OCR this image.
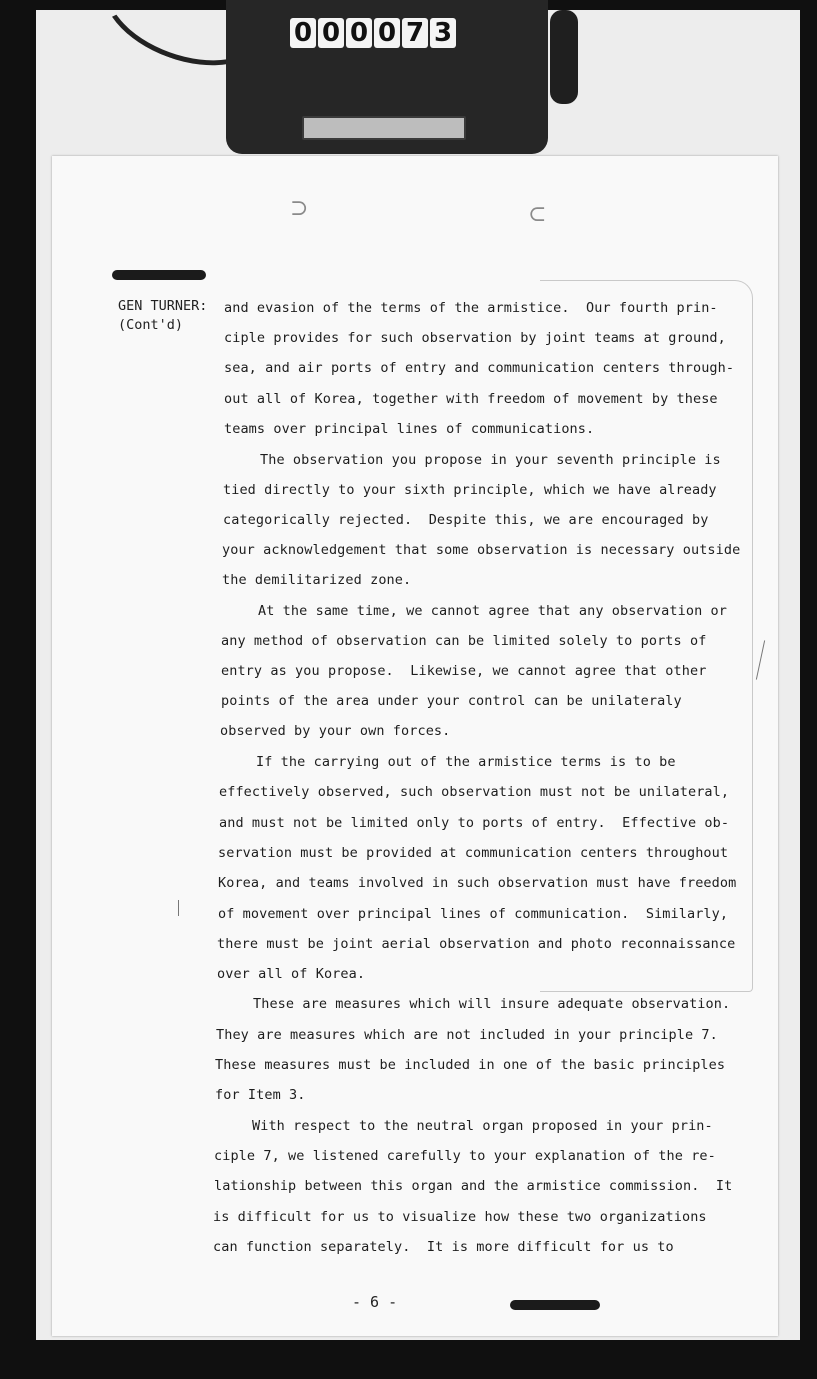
0 0 0 0 7 3
⊃	⊂
GEN TURNER:
(Cont'd)
and evasion of the terms of the armistice.  Our fourth prin-
ciple provides for such observation by joint teams at ground,
sea, and air ports of entry and communication centers through-
out all of Korea, together with freedom of movement by these
teams over principal lines of communications.
The observation you propose in your seventh principle is
tied directly to your sixth principle, which we have already
categorically rejected.  Despite this, we are encouraged by
your acknowledgement that some observation is necessary outside
the demilitarized zone.
At the same time, we cannot agree that any observation or
any method of observation can be limited solely to ports of
entry as you propose.  Likewise, we cannot agree that other
points of the area under your control can be unilateraly
observed by your own forces.
If the carrying out of the armistice terms is to be
effectively observed, such observation must not be unilateral,
and must not be limited only to ports of entry.  Effective ob-
servation must be provided at communication centers throughout
Korea, and teams involved in such observation must have freedom
of movement over principal lines of communication.  Similarly,
there must be joint aerial observation and photo reconnaissance
over all of Korea.
These are measures which will insure adequate observation.
They are measures which are not included in your principle 7.
These measures must be included in one of the basic principles
for Item 3.
With respect to the neutral organ proposed in your prin-
ciple 7, we listened carefully to your explanation of the re-
lationship between this organ and the armistice commission.  It
is difficult for us to visualize how these two organizations
can function separately.  It is more difficult for us to
- 6 -
